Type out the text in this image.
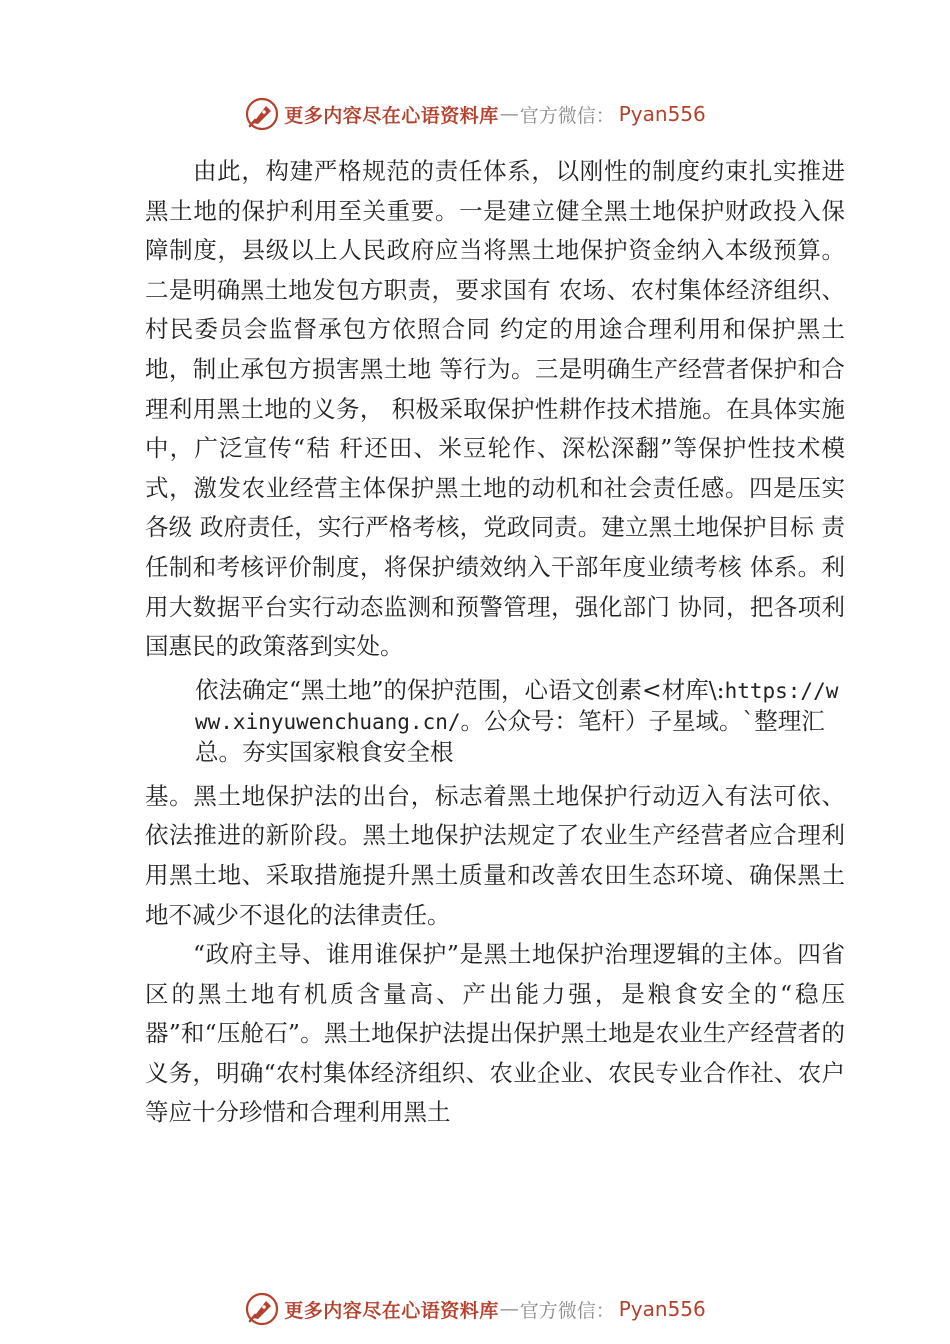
更多内容尽在心语资料库 — 官方微信： Pyan556

由此，构建严格规范的责任体系，以刚性的制度约束扎实推进黑土地的保护利用至关重要。一是建立健全黑土地保护财政投入保障制度，县级以上人民政府应当将黑土地保护资金纳入本级预算。二是明确黑土地发包方职责，要求国有 农场、农村集体经济组织、村民委员会监督承包方依照合同 约定的用途合理利用和保护黑土地，制止承包方损害黑土地 等行为。三是明确生产经营者保护和合理利用黑土地的义务， 积极采取保护性耕作技术措施。在具体实施中，广泛宣传“秸 秆还田、米豆轮作、深松深翻”等保护性技术模式，激发农业经营主体保护黑土地的动机和社会责任感。四是压实各级 政府责任，实行严格考核，党政同责。建立黑土地保护目标 责任制和考核评价制度，将保护绩效纳入干部年度业绩考核 体系。利用大数据平台实行动态监测和预警管理，强化部门 协同，把各项利国惠民的政策落到实处。

依法确定“黑土地”的保护范围，心语文创素<材库\:https://www.xinyuwenchuang.cn/。公众号：笔杆）子星域。`整理汇总。夯实国家粮食安全根

基。黑土地保护法的出台，标志着黑土地保护行动迈入有法可依、依法推进的新阶段。黑土地保护法规定了农业生产经营者应合理利用黑土地、采取措施提升黑土质量和改善农田生态环境、确保黑土地不减少不退化的法律责任。

“政府主导、谁用谁保护”是黑土地保护治理逻辑的主体。四省区的黑土地有机质含量高、产出能力强，是粮食安全的“稳压器”和“压舱石”。黑土地保护法提出保护黑土地是农业生产经营者的义务，明确“农村集体经济组织、农业企业、农民专业合作社、农户等应十分珍惜和合理利用黑土

更多内容尽在心语资料库 — 官方微信： Pyan556
